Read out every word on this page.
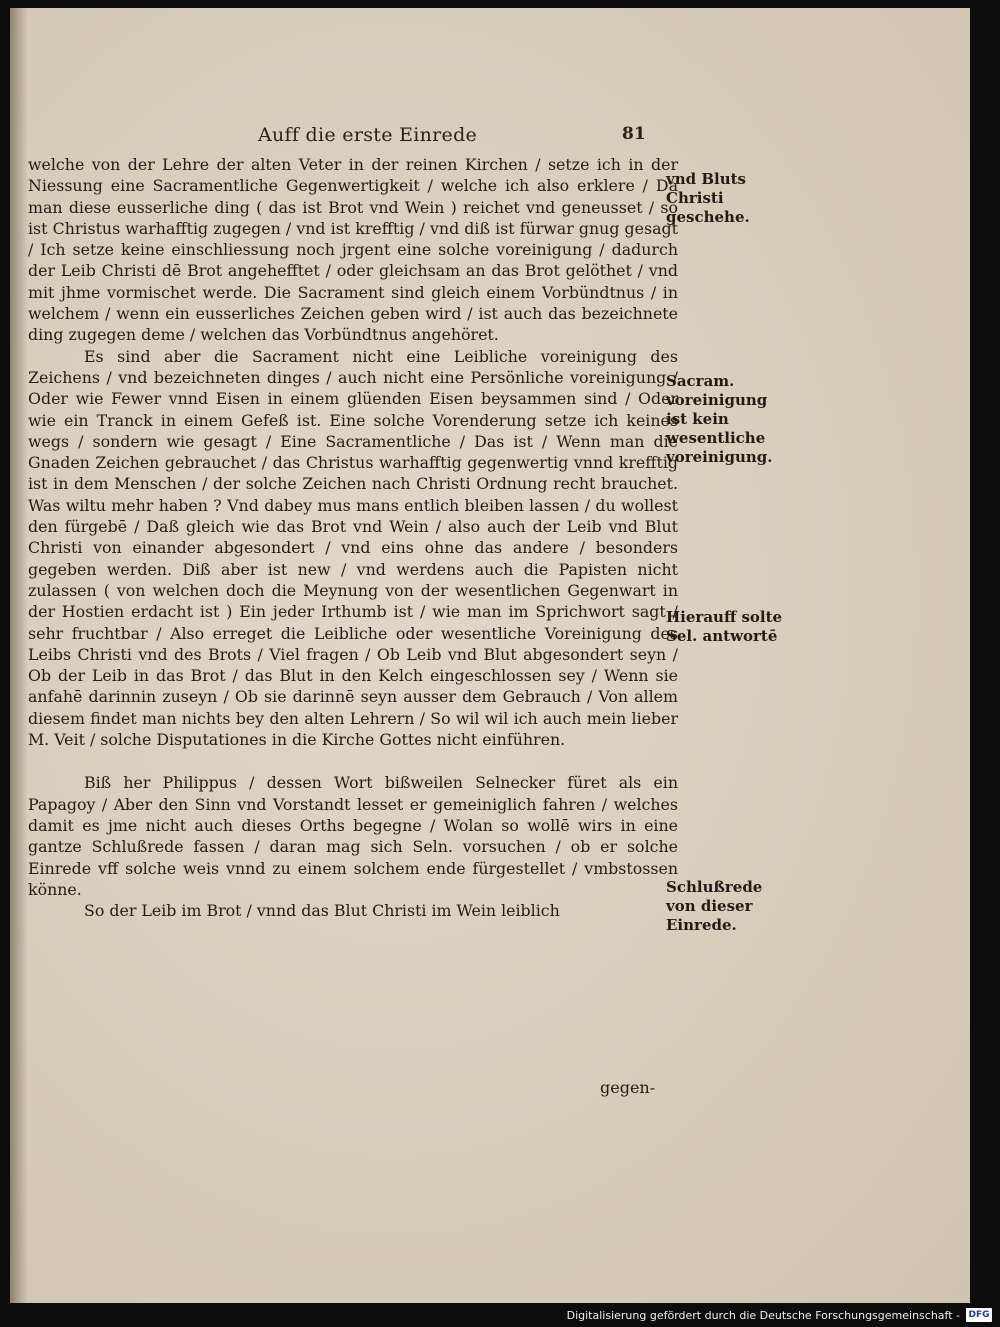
Auff die erste Einrede	81

welche von der Lehre der alten Veter in der reinen Kirchen / setze ich in der Niessung eine Sacramentliche Gegenwertigkeit / welche ich also erklere / Da man diese eusserliche ding ( das ist Brot vnd Wein ) reichet vnd geneusset / so ist Christus warhafftig zugegen / vnd ist krefftig / vnd diß ist fürwar gnug gesagt / Ich setze keine einschliessung noch jrgent eine solche voreinigung / dadurch der Leib Christi dē Brot angehefftet / oder gleichsam an das Brot gelöthet / vnd mit jhme vormischet werde. Die Sacrament sind gleich einem Vorbündtnus / in welchem / wenn ein eusserliches Zeichen geben wird / ist auch das bezeichnete ding zugegen deme / welchen das Vorbündtnus angehöret.

Es sind aber die Sacrament nicht eine Leibliche voreinigung des Zeichens / vnd bezeichneten dinges / auch nicht eine Persönliche voreinigung / Oder wie Fewer vnnd Eisen in einem glüenden Eisen beysammen sind / Oder wie ein Tranck in einem Gefeß ist. Eine solche Vorenderung setze ich keines wegs / sondern wie gesagt / Eine Sacramentliche / Das ist / Wenn man die Gnaden Zeichen gebrauchet / das Christus warhafftig gegenwertig vnnd krefftig ist in dem Menschen / der solche Zeichen nach Christi Ordnung recht brauchet. Was wiltu mehr haben ? Vnd dabey mus mans entlich bleiben lassen / du wollest den fürgebē / Daß gleich wie das Brot vnd Wein / also auch der Leib vnd Blut Christi von einander abgesondert / vnd eins ohne das andere / besonders gegeben werden. Diß aber ist new / vnd werdens auch die Papisten nicht zulassen ( von welchen doch die Meynung von der wesentlichen Gegenwart in der Hostien erdacht ist ) Ein jeder Irthumb ist / wie man im Sprichwort sagt / sehr fruchtbar / Also erreget die Leibliche oder wesentliche Voreinigung des Leibs Christi vnd des Brots / Viel fragen / Ob Leib vnd Blut abgesondert seyn / Ob der Leib in das Brot / das Blut in den Kelch eingeschlossen sey / Wenn sie anfahē darinnin zuseyn / Ob sie darinnē seyn ausser dem Gebrauch / Von allem diesem findet man nichts bey den alten Lehrern / So wil wil ich auch mein lieber M. Veit / solche Disputationes in die Kirche Gottes nicht einführen.

Biß her Philippus / dessen Wort bißweilen Selnecker füret als ein Papagoy / Aber den Sinn vnd Vorstandt lesset er gemeiniglich fahren / welches damit es jme nicht auch dieses Orths begegne / Wolan so wollē wirs in eine gantze Schlußrede fassen / daran mag sich Seln. vorsuchen / ob er solche Einrede vff solche weis vnnd zu einem solchem ende fürgestellet / vmbstossen könne.

So der Leib im Brot / vnnd das Blut Christi im Wein leiblich

vnd Bluts Christi geschehe.
Sacram. voreinigung ist kein wesentliche voreinigung.
Hierauff solte Sel. antwortē
Schlußrede von dieser Einrede.
gegen-
Digitalisierung gefördert durch die Deutsche Forschungsgemeinschaft - DFG
